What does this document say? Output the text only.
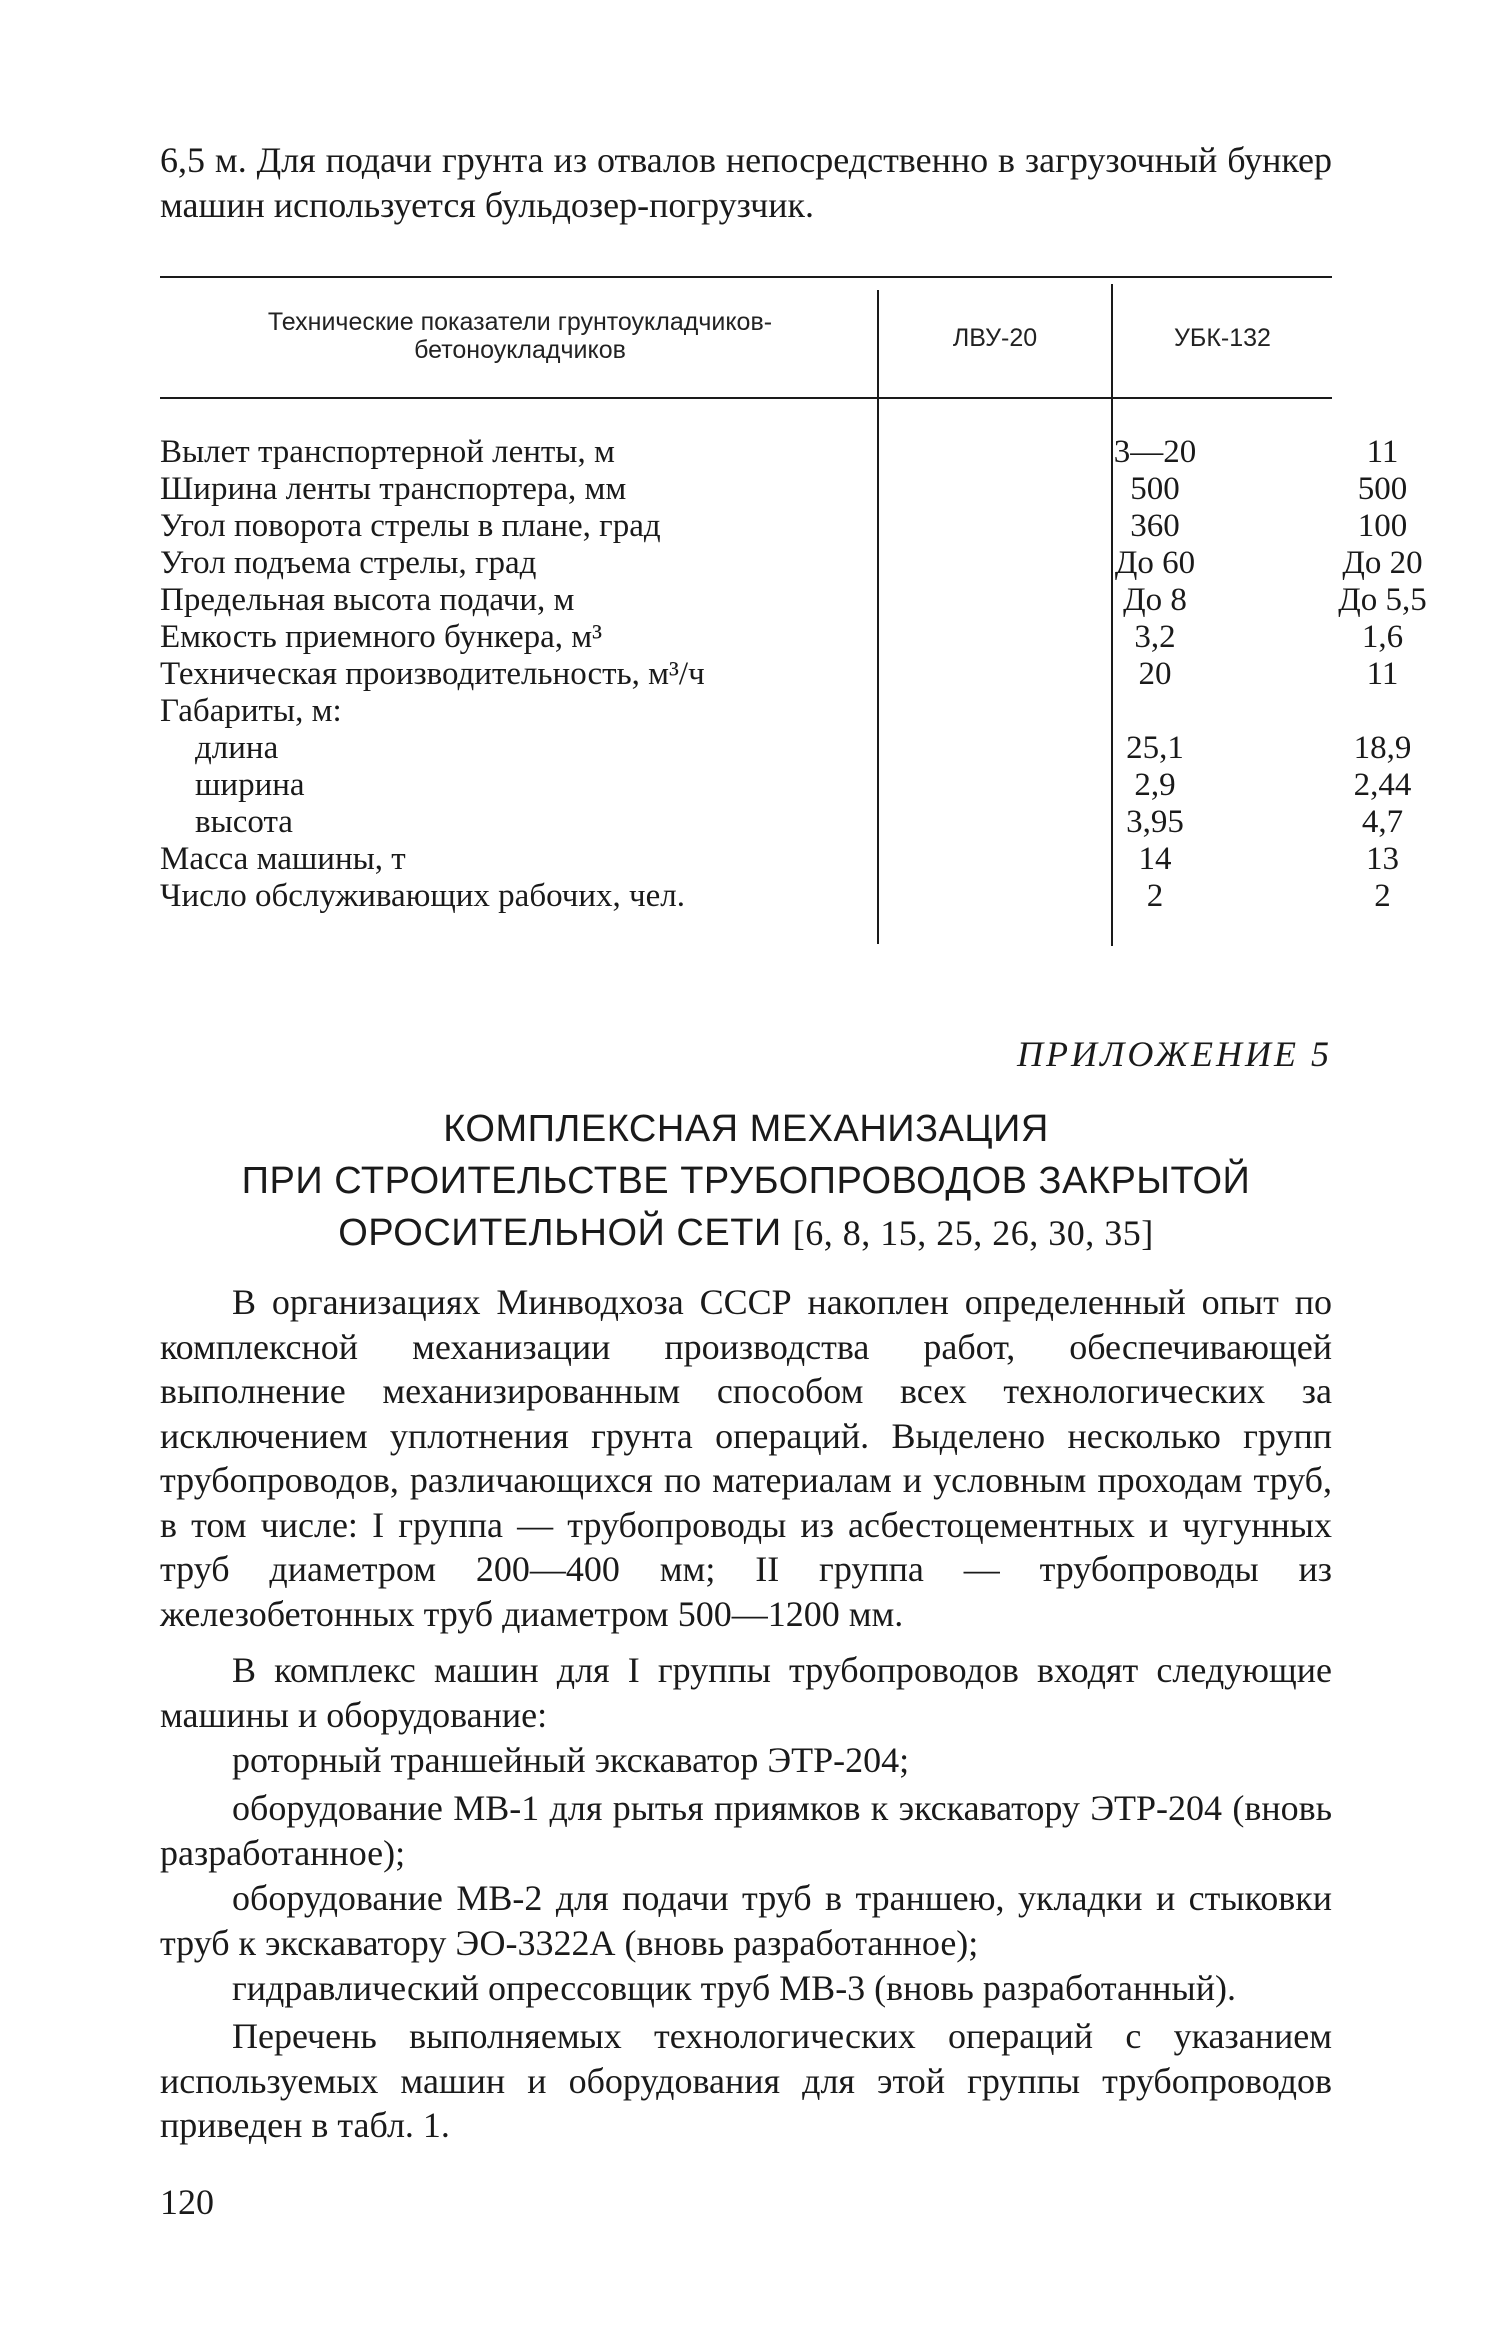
6,5 м. Для подачи грунта из отвалов непосредственно в загрузочный бункер машин используется бульдозер-погрузчик.
Технические показатели грунтоукладчиков-бетоноукладчиков	ЛВУ-20	УБК-132
Вылет транспортерной ленты, м	3—20	11
Ширина ленты транспортера, мм	500	500
Угол поворота стрелы в плане, град	360	100
Угол подъема стрелы, град	До 60	До 20
Предельная высота подачи, м	До 8	До 5,5
Емкость приемного бункера, м³	3,2	1,6
Техническая производительность, м³/ч	20	11
Габариты, м:
длина	25,1	18,9
ширина	2,9	2,44
высота	3,95	4,7
Масса машины, т	14	13
Число обслуживающих рабочих, чел.	2	2
ПРИЛОЖЕНИЕ 5
КОМПЛЕКСНАЯ МЕХАНИЗАЦИЯ
ПРИ СТРОИТЕЛЬСТВЕ ТРУБОПРОВОДОВ ЗАКРЫТОЙ
ОРОСИТЕЛЬНОЙ СЕТИ [6, 8, 15, 25, 26, 30, 35]
В организациях Минводхоза СССР накоплен определенный опыт по комплексной механизации производства работ, обеспечивающей выполнение механизированным способом всех технологических за исключением уплотнения грунта операций. Выделено несколько групп трубопроводов, различающихся по материалам и условным проходам труб, в том числе: I группа — трубопроводы из асбестоцементных и чугунных труб диаметром 200—400 мм; II группа — трубопроводы из железобетонных труб диаметром 500—1200 мм.
В комплекс машин для I группы трубопроводов входят следующие машины и оборудование:
роторный траншейный экскаватор ЭТР-204;
оборудование МВ-1 для рытья приямков к экскаватору ЭТР-204 (вновь разработанное);
оборудование МВ-2 для подачи труб в траншею, укладки и стыковки труб к экскаватору ЭО-3322А (вновь разработанное);
гидравлический опрессовщик труб МВ-3 (вновь разработанный).
Перечень выполняемых технологических операций с указанием используемых машин и оборудования для этой группы трубопроводов приведен в табл. 1.
120
